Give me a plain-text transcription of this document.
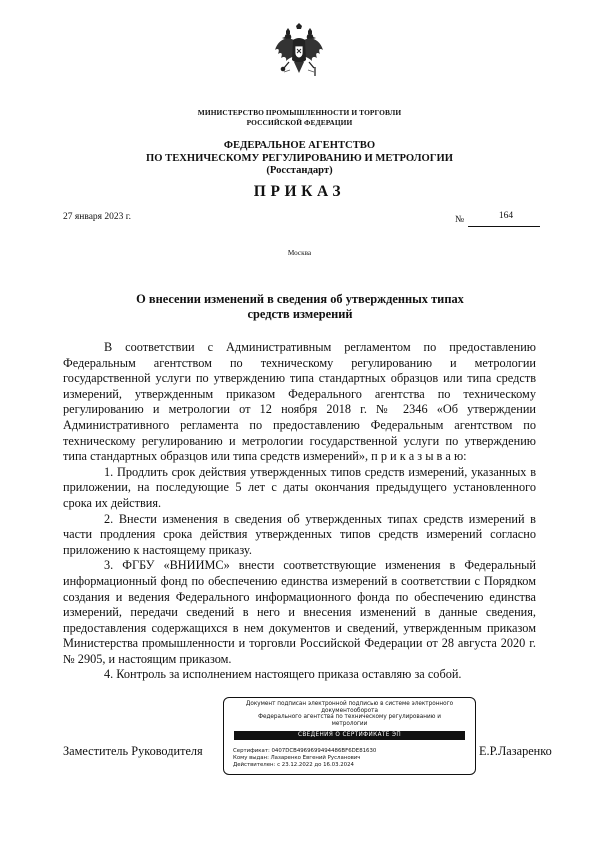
МИНИСТЕРСТВО ПРОМЫШЛЕННОСТИ И ТОРГОВЛИ
РОССИЙСКОЙ ФЕДЕРАЦИИ
ФЕДЕРАЛЬНОЕ АГЕНТСТВО
ПО ТЕХНИЧЕСКОМУ РЕГУЛИРОВАНИЮ И МЕТРОЛОГИИ
(Росстандарт)
ПРИКАЗ
27 января 2023 г.	№	164
Москва
О внесении изменений в сведения об утвержденных типах
средств измерений

В соответствии с Административным регламентом по предоставлению Федеральным агентством по техническому регулированию и метрологии государственной услуги по утверждению типа стандартных образцов или типа средств измерений, утвержденным приказом Федерального агентства по техническому регулированию и метрологии от 12 ноября 2018 г. № 2346 «Об утверждении Административного регламента по предоставлению Федеральным агентством по техническому регулированию и метрологии государственной услуги по утверждению типа стандартных образцов или типа средств измерений», п р и к а з ы в а ю:

1. Продлить срок действия утвержденных типов средств измерений, указанных в приложении, на последующие 5 лет с даты окончания предыдущего установленного срока их действия.

2. Внести изменения в сведения об утвержденных типах средств измерений в части продления срока действия утвержденных типов средств измерений согласно приложению к настоящему приказу.

3. ФГБУ «ВНИИМС» внести соответствующие изменения в Федеральный информационный фонд по обеспечению единства измерений в соответствии с Порядком создания и ведения Федерального информационного фонда по обеспечению единства измерений, передачи сведений в него и внесения изменений в данные сведения, предоставления содержащихся в нем документов и сведений, утвержденным приказом Министерства промышленности и торговли Российской Федерации от 28 августа 2020 г. № 2905, и настоящим приказом.

4. Контроль за исполнением настоящего приказа оставляю за собой.

Заместитель Руководителя	Е.Р.Лазаренко
Документ подписан электронной подписью в системе электронного документооборота
Федерального агентства по техническому регулированию и
метрологии
СВЕДЕНИЯ О СЕРТИФИКАТЕ ЭП
Сертификат: 0407DCB4969699494486BF6DE81630
Кому выдан: Лазаренко Евгений Русланович
Действителен: с 23.12.2022 до 16.03.2024
